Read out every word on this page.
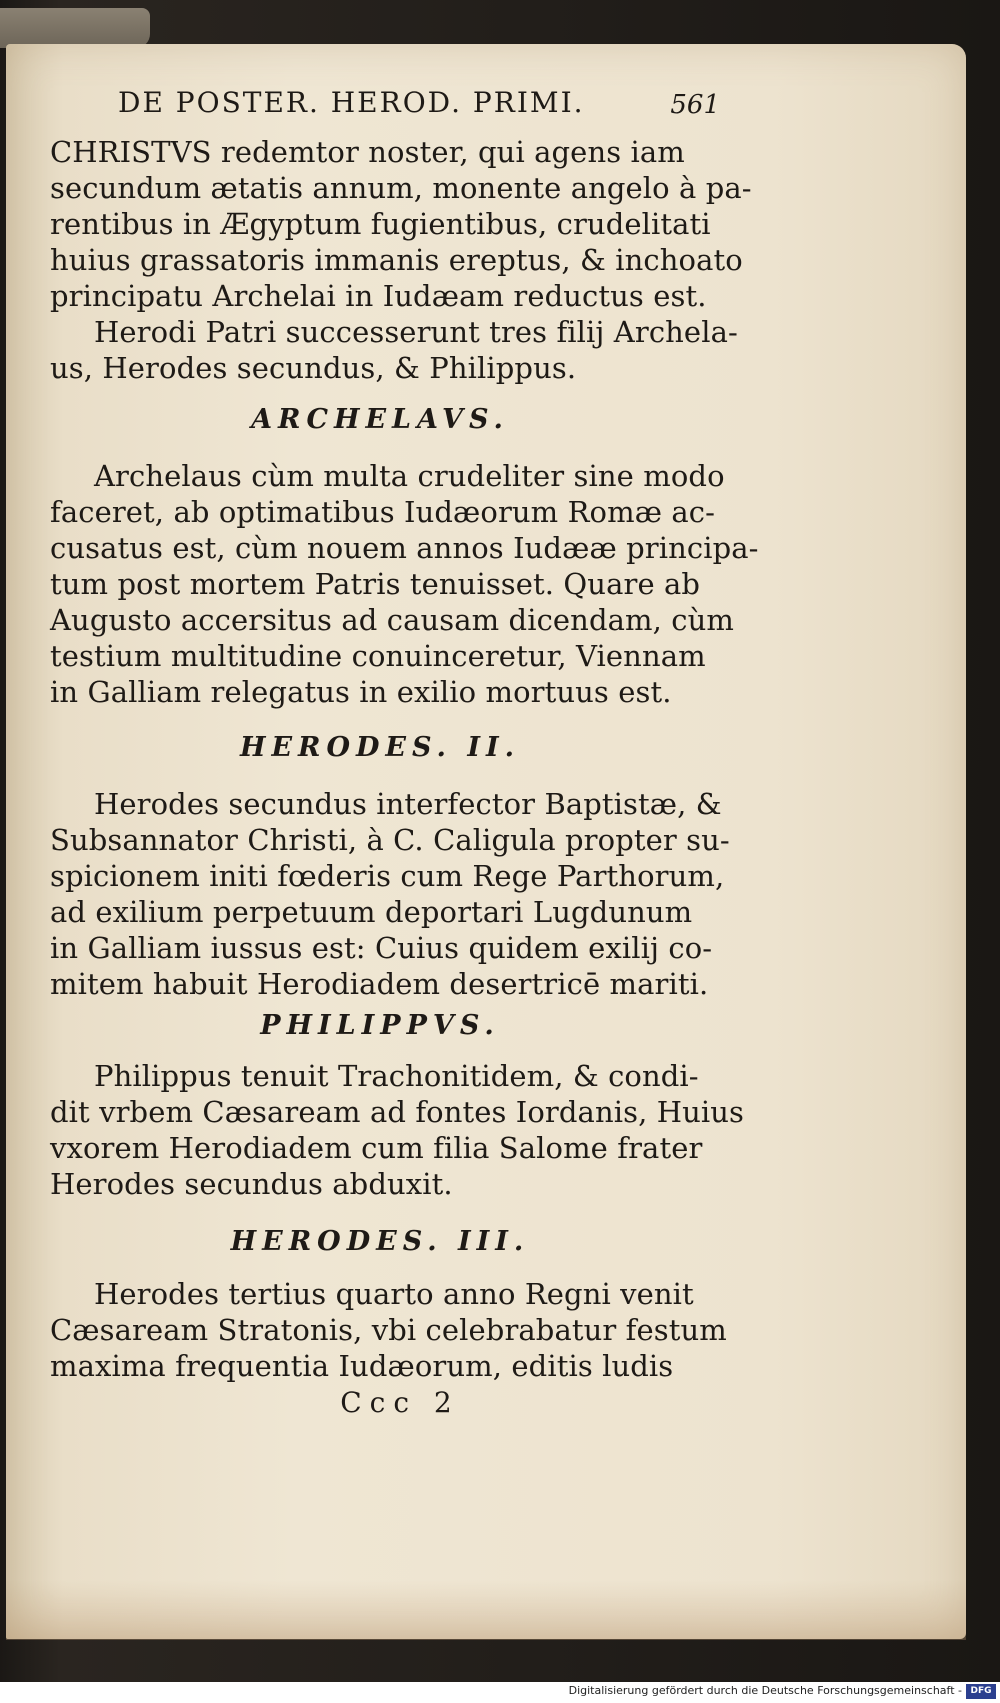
DE POSTER. HEROD. PRIMI.	561
CHRISTVS redemtor noster, qui agens iam
secundum ætatis annum, monente angelo à pa-
rentibus in Ægyptum fugientibus, crudelitati
huius grassatoris immanis ereptus, & inchoato
principatu Archelai in Iudæam reductus est.
Herodi Patri successerunt tres filij Archela-
us, Herodes secundus, & Philippus.
ARCHELAVS.
Archelaus cùm multa crudeliter sine modo
faceret, ab optimatibus Iudæorum Romæ ac-
cusatus est, cùm nouem annos Iudææ principa-
tum post mortem Patris tenuisset. Quare ab
Augusto accersitus ad causam dicendam, cùm
testium multitudine conuinceretur, Viennam
in Galliam relegatus in exilio mortuus est.
HERODES. II.
Herodes secundus interfector Baptistæ, &
Subsannator Christi, à C. Caligula propter su-
spicionem initi fœderis cum Rege Parthorum,
ad exilium perpetuum deportari Lugdunum
in Galliam iussus est: Cuius quidem exilij co-
mitem habuit Herodiadem desertricē mariti.
PHILIPPVS.
Philippus tenuit Trachonitidem, & condi-
dit vrbem Cæsaream ad fontes Iordanis, Huius
vxorem Herodiadem cum filia Salome frater
Herodes secundus abduxit.
HERODES. III.
Herodes tertius quarto anno Regni venit
Cæsaream Stratonis, vbi celebrabatur festum
maxima frequentia Iudæorum, editis ludis
Ccc 2
Digitalisierung gefördert durch die Deutsche Forschungsgemeinschaft - DFG
